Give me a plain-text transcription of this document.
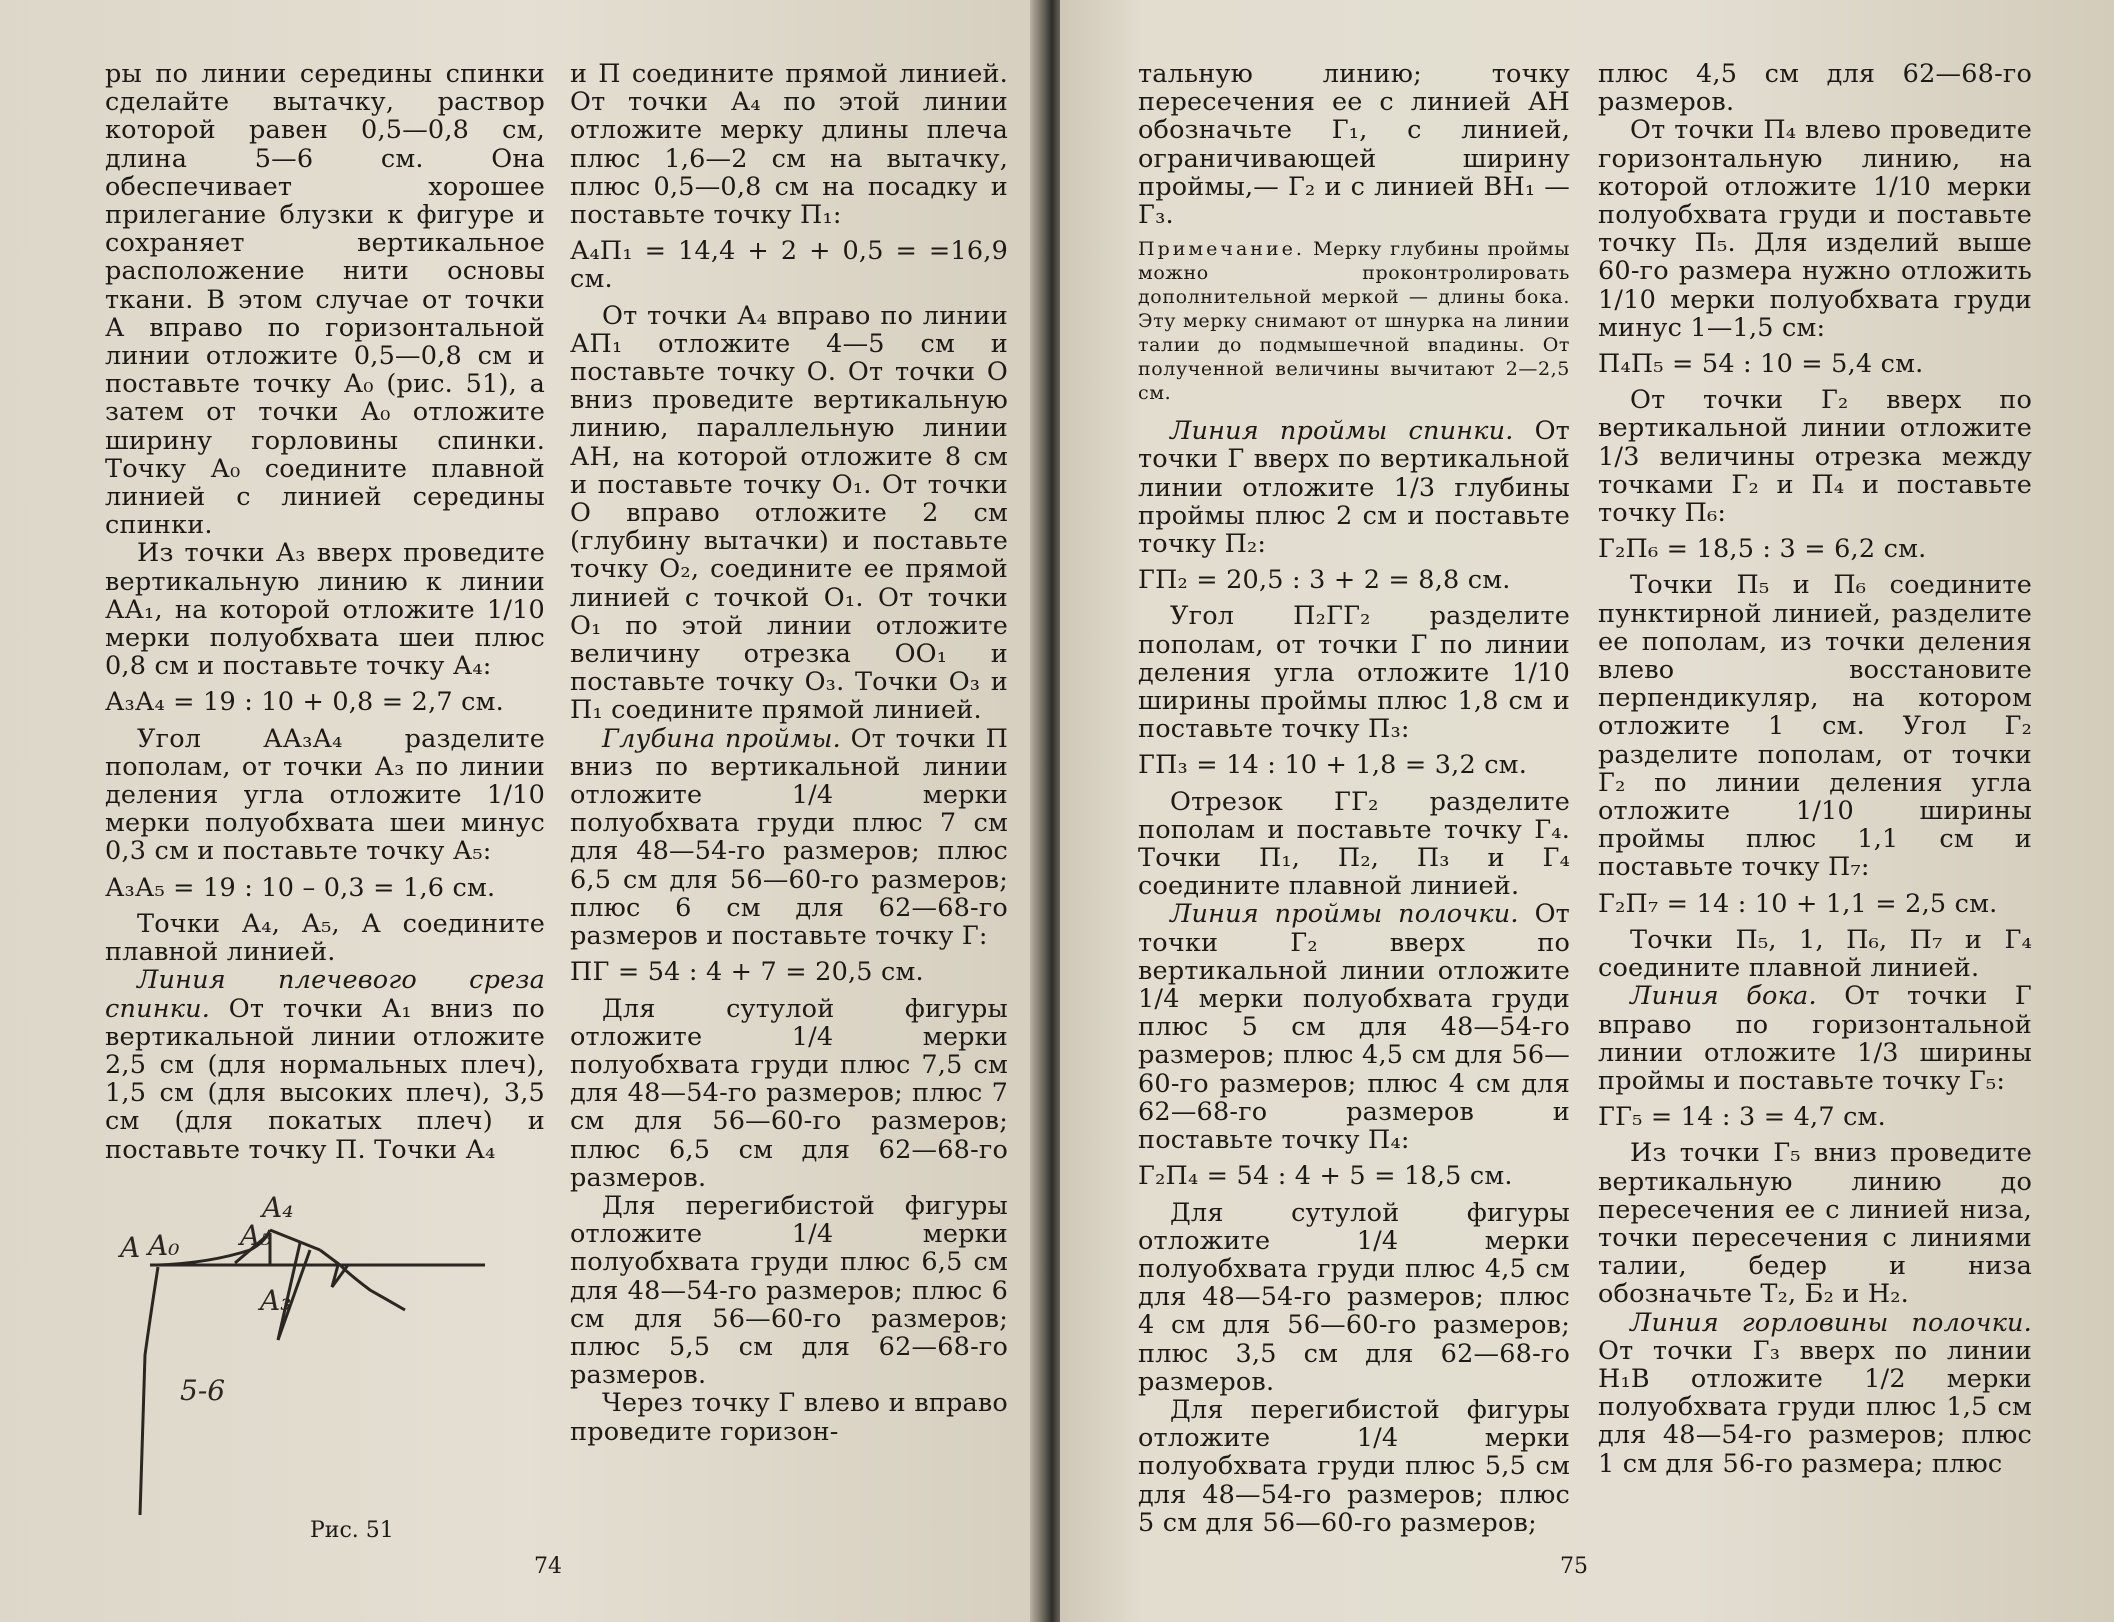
ры по линии середины спинки сделайте вытачку, раствор которой равен 0,5—0,8 см, длина 5—6 см. Она обеспечивает хорошее прилегание блузки к фигуре и сохраняет вертикальное расположение нити основы ткани. В этом случае от точки А вправо по горизонтальной линии отложите 0,5—0,8 см и поставьте точку А₀ (рис. 51), а затем от точки А₀ отложите ширину горловины спинки. Точку А₀ соедините плавной линией с линией середины спинки.

Из точки А₃ вверх проведите вертикальную линию к линии АА₁, на которой отложите 1/10 мерки полуобхвата шеи плюс 0,8 см и поставьте точку А₄:

А₃А₄ = 19 : 10 + 0,8 = 2,7 см.

Угол АА₃А₄ разделите пополам, от точки А₃ по линии деления угла отложите 1/10 мерки полуобхвата шеи минус 0,3 см и поставьте точку А₅:

А₃А₅ = 19 : 10 – 0,3 = 1,6 см.

Точки А₄, А₅, А соедините плавной линией.

Линия плечевого среза спинки. От точки А₁ вниз по вертикальной линии отложите 2,5 см (для нормальных плеч), 1,5 см (для высоких плеч), 3,5 см (для покатых плеч) и поставьте точку П. Точки А₄

A A₀ A₅
A₄
A₃
5-6
Рис. 51

и П соедините прямой линией. От точки А₄ по этой линии отложите мерку длины плеча плюс 1,6—2 см на вытачку, плюс 0,5—0,8 см на посадку и поставьте точку П₁:

А₄П₁ = 14,4 + 2 + 0,5 = =16,9 см.

От точки А₄ вправо по линии АП₁ отложите 4—5 см и поставьте точку О. От точки О вниз проведите вертикальную линию, параллельную линии АН, на которой отложите 8 см и поставьте точку О₁. От точки О вправо отложите 2 см (глубину вытачки) и поставьте точку О₂, соедините ее прямой линией с точкой О₁. От точки О₁ по этой линии отложите величину отрезка ОО₁ и поставьте точку О₃. Точки О₃ и П₁ соедините прямой линией.

Глубина проймы. От точки П вниз по вертикальной линии отложите 1/4 мерки полуобхвата груди плюс 7 см для 48—54-го размеров; плюс 6,5 см для 56—60-го размеров; плюс 6 см для 62—68-го размеров и поставьте точку Г:

ПГ = 54 : 4 + 7 = 20,5 см.

Для сутулой фигуры отложите 1/4 мерки полуобхвата груди плюс 7,5 см для 48—54-го размеров; плюс 7 см для 56—60-го размеров; плюс 6,5 см для 62—68-го размеров.

Для перегибистой фигуры отложите 1/4 мерки полуобхвата груди плюс 6,5 см для 48—54-го размеров; плюс 6 см для 56—60-го размеров; плюс 5,5 см для 62—68-го размеров.

Через точку Г влево и вправо проведите горизон-

74

тальную линию; точку пересечения ее с линией АН обозначьте Г₁, с линией, ограничивающей ширину проймы,— Г₂ и с линией ВН₁ — Г₃.

Примечание. Мерку глубины проймы можно проконтролировать дополнительной меркой — длины бока. Эту мерку снимают от шнурка на линии талии до подмышечной впадины. От полученной величины вычитают 2—2,5 см.

Линия проймы спинки. От точки Г вверх по вертикальной линии отложите 1/3 глубины проймы плюс 2 см и поставьте точку П₂:

ГП₂ = 20,5 : 3 + 2 = 8,8 см.

Угол П₂ГГ₂ разделите пополам, от точки Г по линии деления угла отложите 1/10 ширины проймы плюс 1,8 см и поставьте точку П₃:

ГП₃ = 14 : 10 + 1,8 = 3,2 см.

Отрезок ГГ₂ разделите пополам и поставьте точку Г₄. Точки П₁, П₂, П₃ и Г₄ соедините плавной линией.

Линия проймы полочки. От точки Г₂ вверх по вертикальной линии отложите 1/4 мерки полуобхвата груди плюс 5 см для 48—54-го размеров; плюс 4,5 см для 56—60-го размеров; плюс 4 см для 62—68-го размеров и поставьте точку П₄:

Г₂П₄ = 54 : 4 + 5 = 18,5 см.

Для сутулой фигуры отложите 1/4 мерки полуобхвата груди плюс 4,5 см для 48—54-го размеров; плюс 4 см для 56—60-го размеров; плюс 3,5 см для 62—68-го размеров.

Для перегибистой фигуры отложите 1/4 мерки полуобхвата груди плюс 5,5 см для 48—54-го размеров; плюс 5 см для 56—60-го размеров;

плюс 4,5 см для 62—68-го размеров.

От точки П₄ влево проведите горизонтальную линию, на которой отложите 1/10 мерки полуобхвата груди и поставьте точку П₅. Для изделий выше 60-го размера нужно отложить 1/10 мерки полуобхвата груди минус 1—1,5 см:

П₄П₅ = 54 : 10 = 5,4 см.

От точки Г₂ вверх по вертикальной линии отложите 1/3 величины отрезка между точками Г₂ и П₄ и поставьте точку П₆:

Г₂П₆ = 18,5 : 3 = 6,2 см.

Точки П₅ и П₆ соедините пунктирной линией, разделите ее пополам, из точки деления влево восстановите перпендикуляр, на котором отложите 1 см. Угол Г₂ разделите пополам, от точки Г₂ по линии деления угла отложите 1/10 ширины проймы плюс 1,1 см и поставьте точку П₇:

Г₂П₇ = 14 : 10 + 1,1 = 2,5 см.

Точки П₅, 1, П₆, П₇ и Г₄ соедините плавной линией.

Линия бока. От точки Г вправо по горизонтальной линии отложите 1/3 ширины проймы и поставьте точку Г₅:

ГГ₅ = 14 : 3 = 4,7 см.

Из точки Г₅ вниз проведите вертикальную линию до пересечения ее с линией низа, точки пересечения с линиями талии, бедер и низа обозначьте Т₂, Б₂ и Н₂.

Линия горловины полочки. От точки Г₃ вверх по линии Н₁В отложите 1/2 мерки полуобхвата груди плюс 1,5 см для 48—54-го размеров; плюс 1 см для 56-го размера; плюс

75
